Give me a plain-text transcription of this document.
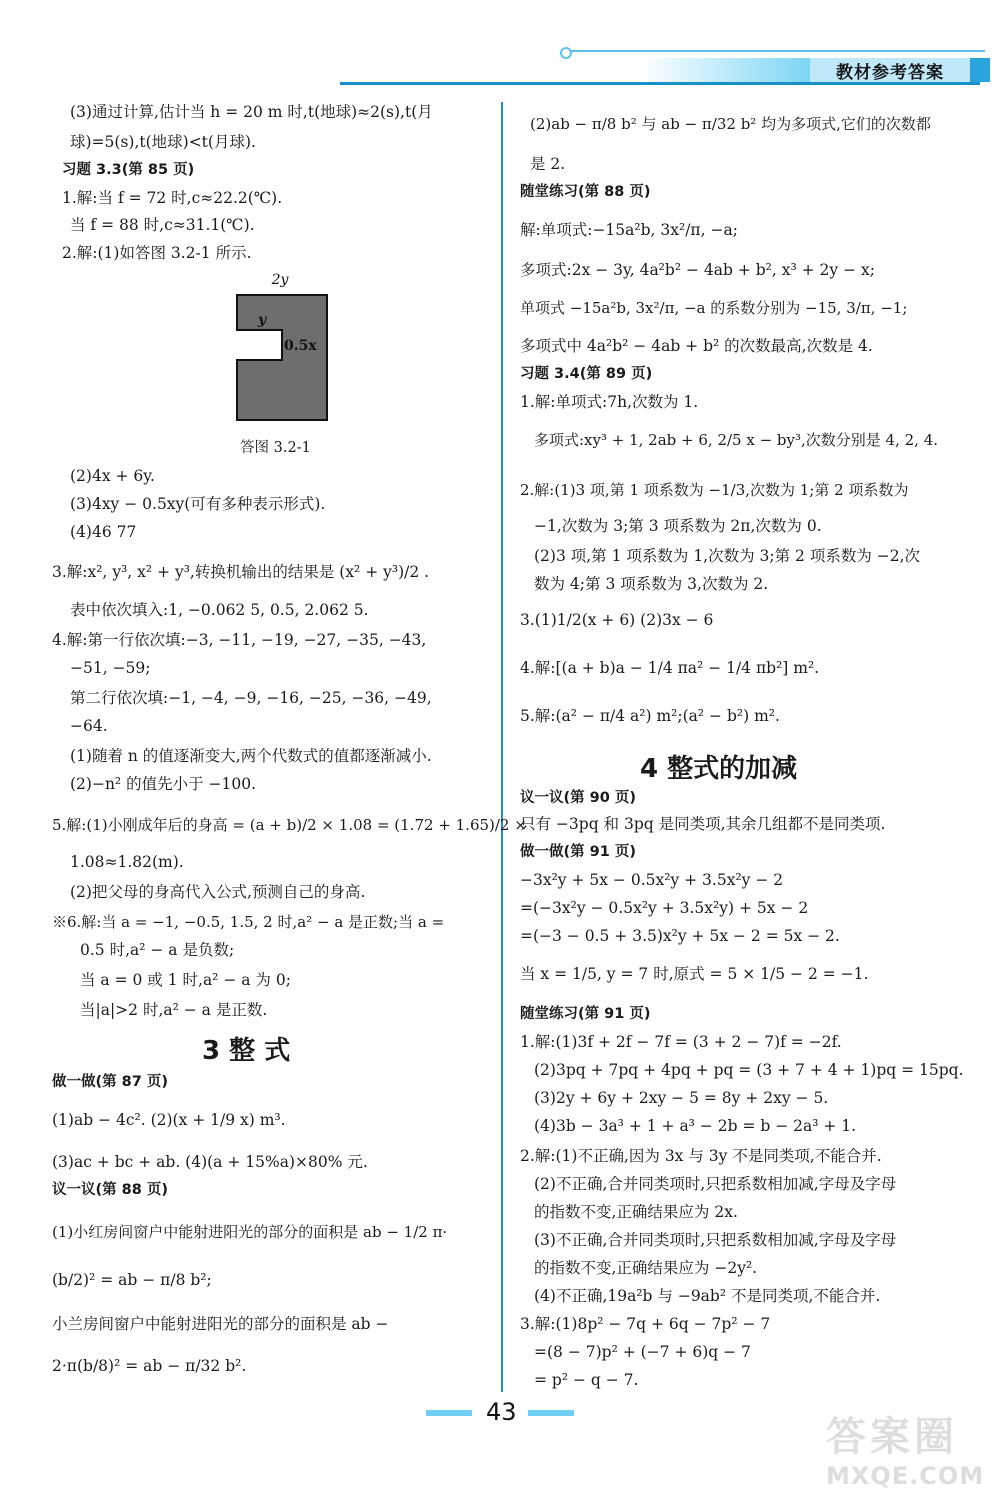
教材参考答案
(3)通过计算,估计当 h = 20 m 时,t(地球)≈2(s),t(月
球)=5(s),t(地球)<t(月球).
习题 3.3(第 85 页)
1.解:当 f = 72 时,c≈22.2(℃).
当 f = 88 时,c≈31.1(℃).
2.解:(1)如答图 3.2-1 所示.
2y
y
0.5x
答图 3.2-1
(2)4x + 6y.
(3)4xy − 0.5xy(可有多种表示形式).
(4)46 77
3.解:x², y³, x² + y³,转换机输出的结果是 (x² + y³)/2 .
表中依次填入:1, −0.062 5, 0.5, 2.062 5.
4.解:第一行依次填:−3, −11, −19, −27, −35, −43,
−51, −59;
第二行依次填:−1, −4, −9, −16, −25, −36, −49,
−64.
(1)随着 n 的值逐渐变大,两个代数式的值都逐渐减小.
(2)−n² 的值先小于 −100.
5.解:(1)小刚成年后的身高 = (a + b)/2 × 1.08 = (1.72 + 1.65)/2 ×
1.08≈1.82(m).
(2)把父母的身高代入公式,预测自己的身高.
※6.解:当 a = −1, −0.5, 1.5, 2 时,a² − a 是正数;当 a =
0.5 时,a² − a 是负数;
当 a = 0 或 1 时,a² − a 为 0;
当|a|>2 时,a² − a 是正数.
3 整 式
做一做(第 87 页)
(1)ab − 4c². (2)(x + 1/9 x) m³.
(3)ac + bc + ab. (4)(a + 15%a)×80% 元.
议一议(第 88 页)
(1)小红房间窗户中能射进阳光的部分的面积是 ab − 1/2 π·
(b/2)² = ab − π/8 b²;
小兰房间窗户中能射进阳光的部分的面积是 ab −
2·π(b/8)² = ab − π/32 b².
(2)ab − π/8 b² 与 ab − π/32 b² 均为多项式,它们的次数都
是 2.
随堂练习(第 88 页)
解:单项式:−15a²b, 3x²/π, −a;
多项式:2x − 3y, 4a²b² − 4ab + b², x³ + 2y − x;
单项式 −15a²b, 3x²/π, −a 的系数分别为 −15, 3/π, −1;
多项式中 4a²b² − 4ab + b² 的次数最高,次数是 4.
习题 3.4(第 89 页)
1.解:单项式:7h,次数为 1.
多项式:xy³ + 1, 2ab + 6, 2/5 x − by³,次数分别是 4, 2, 4.
2.解:(1)3 项,第 1 项系数为 −1/3,次数为 1;第 2 项系数为
−1,次数为 3;第 3 项系数为 2π,次数为 0.
(2)3 项,第 1 项系数为 1,次数为 3;第 2 项系数为 −2,次
数为 4;第 3 项系数为 3,次数为 2.
3.(1)1/2(x + 6) (2)3x − 6
4.解:[(a + b)a − 1/4 πa² − 1/4 πb²] m².
5.解:(a² − π/4 a²) m²;(a² − b²) m².
4 整式的加减
议一议(第 90 页)
只有 −3pq 和 3pq 是同类项,其余几组都不是同类项.
做一做(第 91 页)
−3x²y + 5x − 0.5x²y + 3.5x²y − 2
=(−3x²y − 0.5x²y + 3.5x²y) + 5x − 2
=(−3 − 0.5 + 3.5)x²y + 5x − 2 = 5x − 2.
当 x = 1/5, y = 7 时,原式 = 5 × 1/5 − 2 = −1.
随堂练习(第 91 页)
1.解:(1)3f + 2f − 7f = (3 + 2 − 7)f = −2f.
(2)3pq + 7pq + 4pq + pq = (3 + 7 + 4 + 1)pq = 15pq.
(3)2y + 6y + 2xy − 5 = 8y + 2xy − 5.
(4)3b − 3a³ + 1 + a³ − 2b = b − 2a³ + 1.
2.解:(1)不正确,因为 3x 与 3y 不是同类项,不能合并.
(2)不正确,合并同类项时,只把系数相加减,字母及字母
的指数不变,正确结果应为 2x.
(3)不正确,合并同类项时,只把系数相加减,字母及字母
的指数不变,正确结果应为 −2y².
(4)不正确,19a²b 与 −9ab² 不是同类项,不能合并.
3.解:(1)8p² − 7q + 6q − 7p² − 7
=(8 − 7)p² + (−7 + 6)q − 7
= p² − q − 7.
43
答案圈
MXQE.COM
